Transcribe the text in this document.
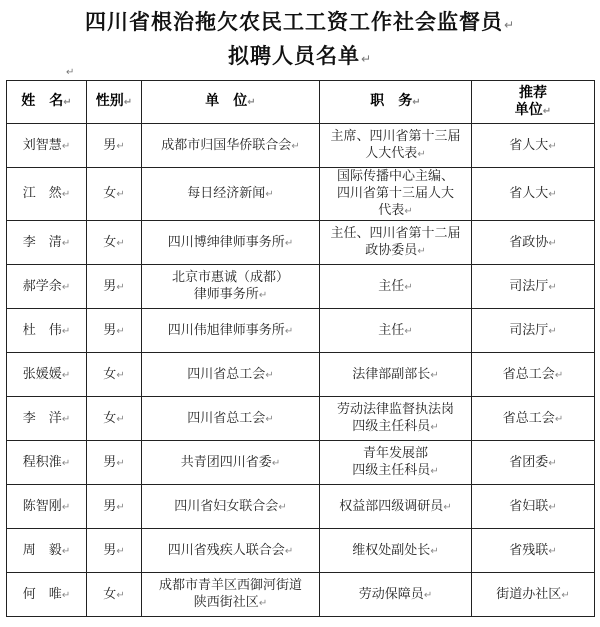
四川省根治拖欠农民工工资工作社会监督员↵
拟聘人员名单↵
↵
姓　名↵	性别↵	单　位↵	职　务↵	推荐
单位↵
刘智慧↵	男↵	成都市归国华侨联合会↵	主席、四川省第十三届
人大代表↵	省人大↵
江　然↵	女↵	每日经济新闻↵	国际传播中心主编、
四川省第十三届人大
代表↵	省人大↵
李　清↵	女↵	四川博绅律师事务所↵	主任、四川省第十二届
政协委员↵	省政协↵
郝学余↵	男↵	北京市惠诚（成都）
律师事务所↵	主任↵	司法厅↵
杜　伟↵	男↵	四川伟旭律师事务所↵	主任↵	司法厅↵
张媛媛↵	女↵	四川省总工会↵	法律部副部长↵	省总工会↵
李　洋↵	女↵	四川省总工会↵	劳动法律监督执法岗
四级主任科员↵	省总工会↵
程积淮↵	男↵	共青团四川省委↵	青年发展部
四级主任科员↵	省团委↵
陈智刚↵	男↵	四川省妇女联合会↵	权益部四级调研员↵	省妇联↵
周　毅↵	男↵	四川省残疾人联合会↵	维权处副处长↵	省残联↵
何　唯↵	女↵	成都市青羊区西御河街道
陕西街社区↵	劳动保障员↵	街道办社区↵
